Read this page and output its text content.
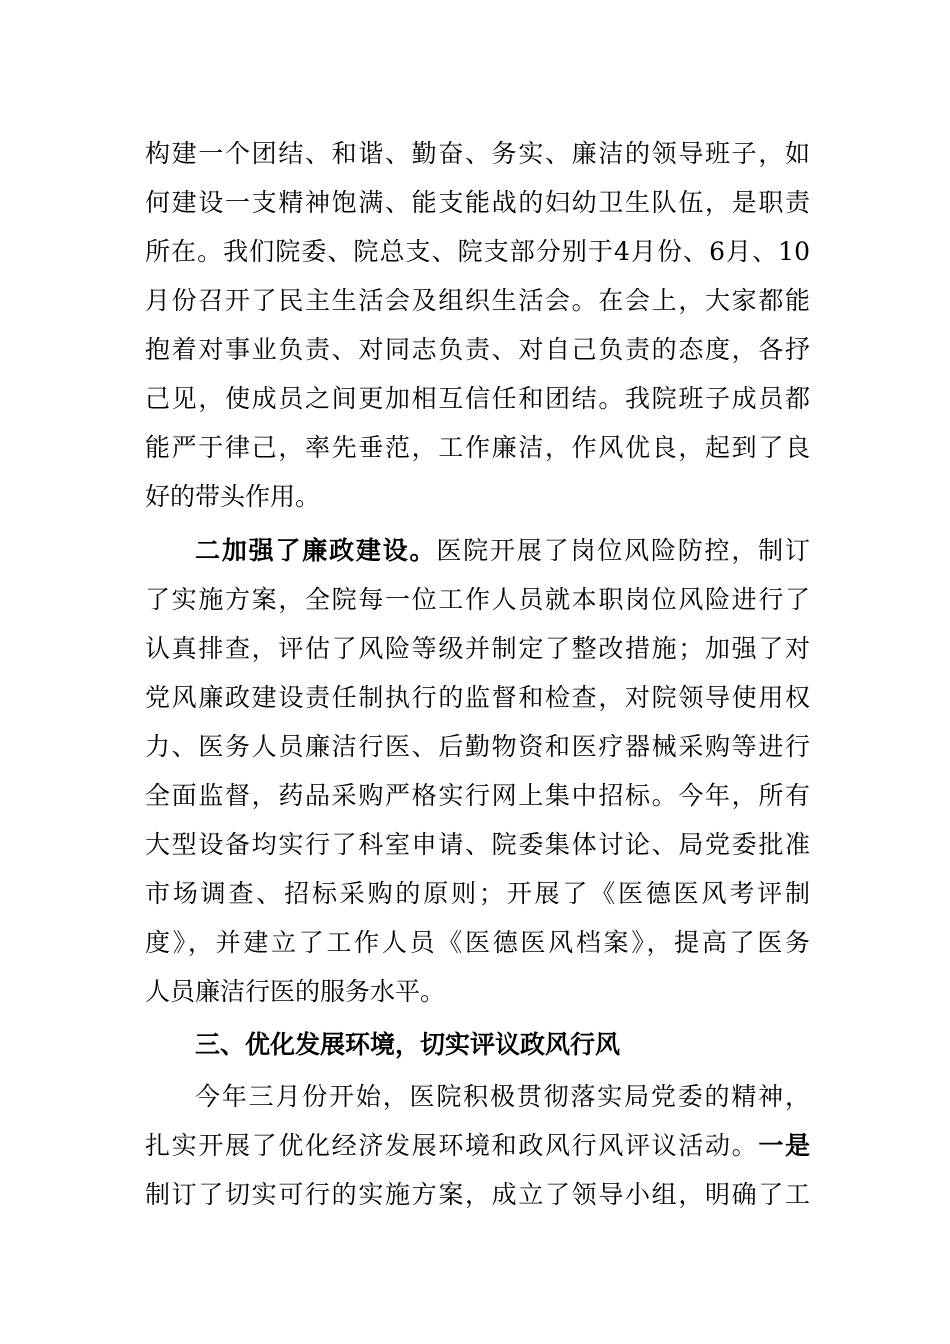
构建一个团结、和谐、勤奋、务实、廉洁的领导班子，如
何建设一支精神饱满、能支能战的妇幼卫生队伍，是职责
所在。我们院委、院总支、院支部分别于4月份、6月、10
月份召开了民主生活会及组织生活会。在会上，大家都能
抱着对事业负责、对同志负责、对自己负责的态度，各抒
己见，使成员之间更加相互信任和团结。我院班子成员都
能严于律己，率先垂范，工作廉洁，作风优良，起到了良
好的带头作用。
二加强了廉政建设。医院开展了岗位风险防控，制订
了实施方案，全院每一位工作人员就本职岗位风险进行了
认真排查，评估了风险等级并制定了整改措施；加强了对
党风廉政建设责任制执行的监督和检查，对院领导使用权
力、医务人员廉洁行医、后勤物资和医疗器械采购等进行
全面监督，药品采购严格实行网上集中招标。今年，所有
大型设备均实行了科室申请、院委集体讨论、局党委批准
市场调查、招标采购的原则；开展了《医德医风考评制
度》，并建立了工作人员《医德医风档案》，提高了医务
人员廉洁行医的服务水平。
三、优化发展环境，切实评议政风行风
今年三月份开始，医院积极贯彻落实局党委的精神，
扎实开展了优化经济发展环境和政风行风评议活动。一是
制订了切实可行的实施方案，成立了领导小组，明确了工
